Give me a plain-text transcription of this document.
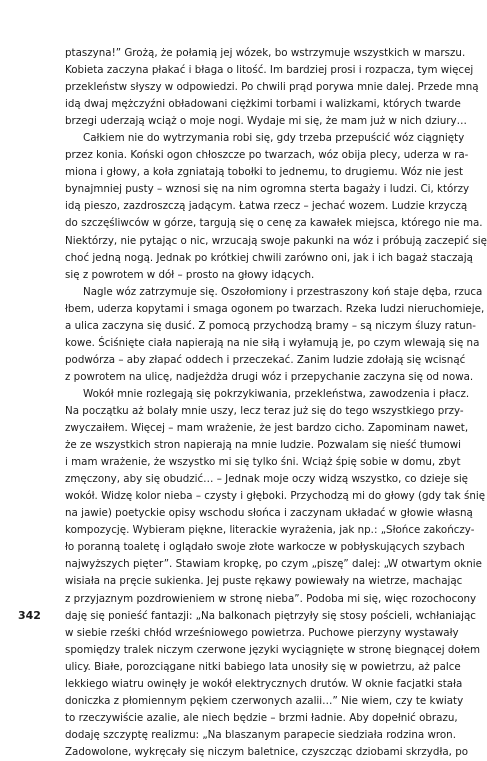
ptaszyna!” Grożą, że połamią jej wózek, bo wstrzymuje wszystkich w marszu.
Kobieta zaczyna płakać i błaga o litość. Im bardziej prosi i rozpacza, tym więcej
przekleństw słyszy w odpowiedzi. Po chwili prąd porywa mnie dalej. Przede mną
idą dwaj mężczyźni obładowani ciężkimi torbami i walizkami, których twarde
brzegi uderzają wciąż o moje nogi. Wydaje mi się, że mam już w nich dziury…
Całkiem nie do wytrzymania robi się, gdy trzeba przepuścić wóz ciągnięty
przez konia. Koński ogon chłoszcze po twarzach, wóz obija plecy, uderza w ra-
miona i głowy, a koła zgniatają tobołki to jednemu, to drugiemu. Wóz nie jest
bynajmniej pusty – wznosi się na nim ogromna sterta bagaży i ludzi. Ci, którzy
idą pieszo, zazdroszczą jadącym. Łatwa rzecz – jechać wozem. Ludzie krzyczą
do szczęśliwców w górze, targują się o cenę za kawałek miejsca, którego nie ma.
Niektórzy, nie pytając o nic, wrzucają swoje pakunki na wóz i próbują zaczepić się
choć jedną nogą. Jednak po krótkiej chwili zarówno oni, jak i ich bagaż staczają
się z powrotem w dół – prosto na głowy idących.
Nagle wóz zatrzymuje się. Oszołomiony i przestraszony koń staje dęba, rzuca
łbem, uderza kopytami i smaga ogonem po twarzach. Rzeka ludzi nieruchomieje,
a ulica zaczyna się dusić. Z pomocą przychodzą bramy – są niczym śluzy ratun-
kowe. Ściśnięte ciała napierają na nie siłą i wyłamują je, po czym wlewają się na
podwórza – aby złapać oddech i przeczekać. Zanim ludzie zdołają się wcisnąć
z powrotem na ulicę, nadjeżdża drugi wóz i przepychanie zaczyna się od nowa.
Wokół mnie rozlegają się pokrzykiwania, przekleństwa, zawodzenia i płacz.
Na początku aż bolały mnie uszy, lecz teraz już się do tego wszystkiego przy-
zwyczaiłem. Więcej – mam wrażenie, że jest bardzo cicho. Zapominam nawet,
że ze wszystkich stron napierają na mnie ludzie. Pozwalam się nieść tłumowi
i mam wrażenie, że wszystko mi się tylko śni. Wciąż śpię sobie w domu, zbyt
zmęczony, aby się obudzić… – Jednak moje oczy widzą wszystko, co dzieje się
wokół. Widzę kolor nieba – czysty i głęboki. Przychodzą mi do głowy (gdy tak śnię
na jawie) poetyckie opisy wschodu słońca i zaczynam układać w głowie własną
kompozycję. Wybieram piękne, literackie wyrażenia, jak np.: „Słońce zakończy-
ło poranną toaletę i oglądało swoje złote warkocze w pobłyskujących szybach
najwyższych pięter”. Stawiam kropkę, po czym „piszę” dalej: „W otwartym oknie
wisiała na pręcie sukienka. Jej puste rękawy powiewały na wietrze, machając
z przyjaznym pozdrowieniem w stronę nieba”. Podoba mi się, więc rozochocony
daję się ponieść fantazji: „Na balkonach piętrzyły się stosy pościeli, wchłaniając
w siebie rześki chłód wrześniowego powietrza. Puchowe pierzyny wystawały
spomiędzy tralek niczym czerwone języki wyciągnięte w stronę biegnącej dołem
ulicy. Białe, porozciągane nitki babiego lata unosiły się w powietrzu, aż palce
lekkiego wiatru owinęły je wokół elektrycznych drutów. W oknie facjatki stała
doniczka z płomiennym pękiem czerwonych azalii…” Nie wiem, czy te kwiaty
to rzeczywiście azalie, ale niech będzie – brzmi ładnie. Aby dopełnić obrazu,
dodaję szczyptę realizmu: „Na blaszanym parapecie siedziała rodzina wron.
Zadowolone, wykręcały się niczym baletnice, czyszcząc dziobami skrzydła, po
342
